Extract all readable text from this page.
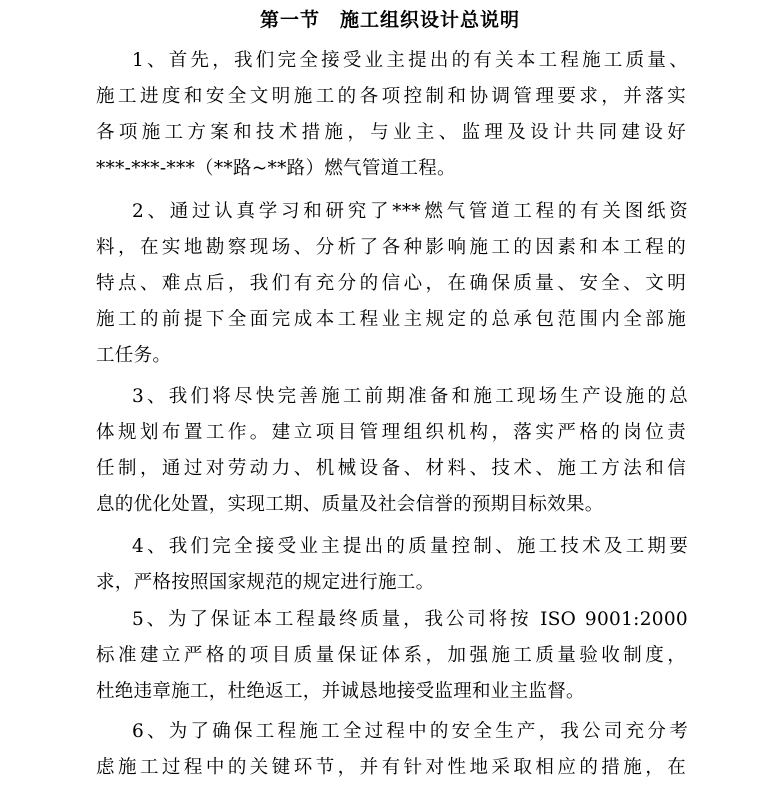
第一节　施工组织设计总说明
1、首先，我们完全接受业主提出的有关本工程施工质量、
施工进度和安全文明施工的各项控制和协调管理要求，并落实
各项施工方案和技术措施，与业主、监理及设计共同建设好
***-***-***（**路~**路）燃气管道工程。
2、通过认真学习和研究了***燃气管道工程的有关图纸资
料，在实地勘察现场、分析了各种影响施工的因素和本工程的
特点、难点后，我们有充分的信心，在确保质量、安全、文明
施工的前提下全面完成本工程业主规定的总承包范围内全部施
工任务。
3、我们将尽快完善施工前期准备和施工现场生产设施的总
体规划布置工作。建立项目管理组织机构，落实严格的岗位责
任制，通过对劳动力、机械设备、材料、技术、施工方法和信
息的优化处置，实现工期、质量及社会信誉的预期目标效果。
4、我们完全接受业主提出的质量控制、施工技术及工期要
求，严格按照国家规范的规定进行施工。
5、为了保证本工程最终质量，我公司将按 ISO 9001:2000
标准建立严格的项目质量保证体系，加强施工质量验收制度，
杜绝违章施工，杜绝返工，并诚恳地接受监理和业主监督。
6、为了确保工程施工全过程中的安全生产，我公司充分考
虑施工过程中的关键环节，并有针对性地采取相应的措施，在
